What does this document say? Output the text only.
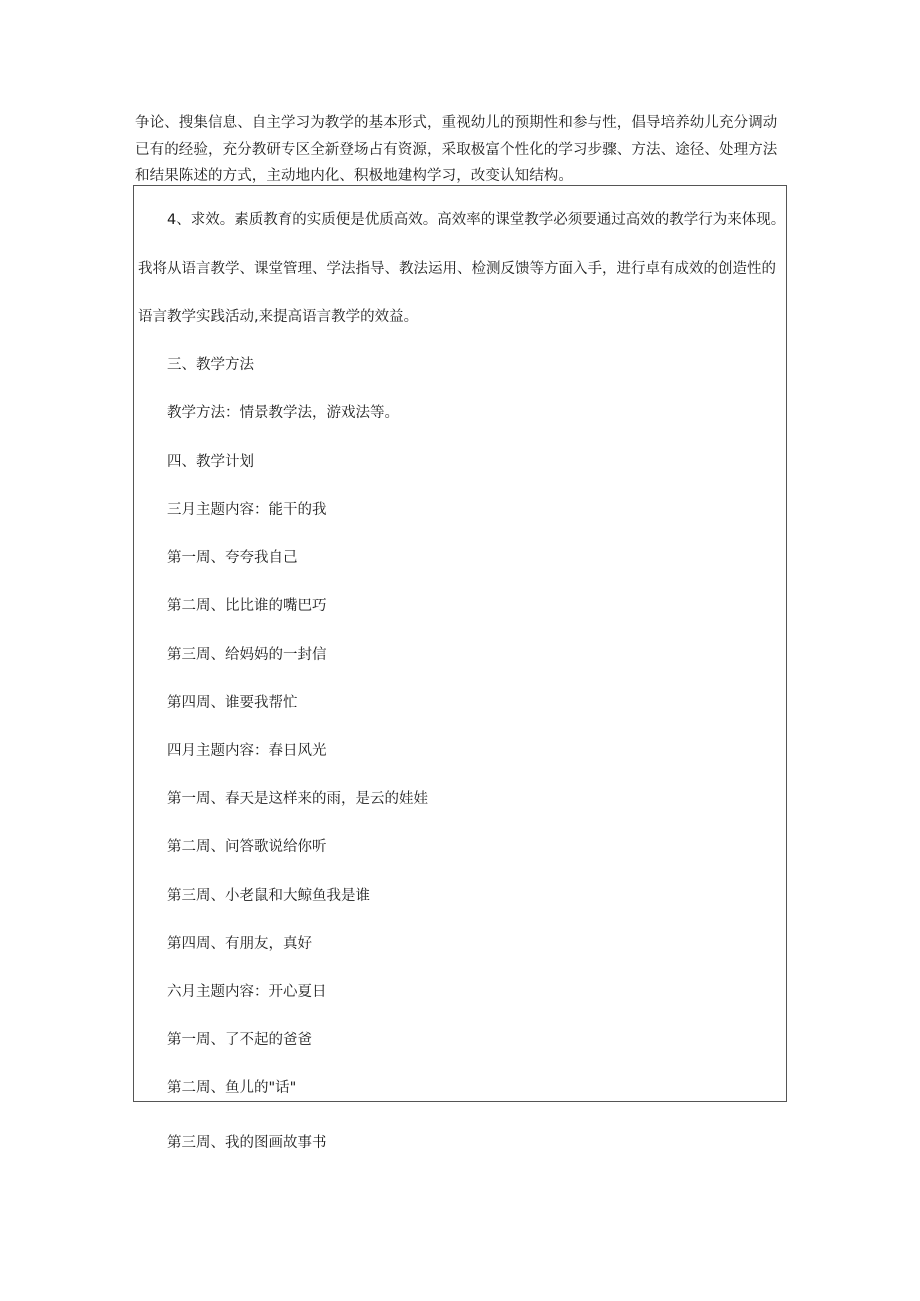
争论、搜集信息、自主学习为教学的基本形式，重视幼儿的预期性和参与性，倡导培养幼儿充分调动

已有的经验，充分教研专区全新登场占有资源，采取极富个性化的学习步骤、方法、途径、处理方法

和结果陈述的方式，主动地内化、积极地建构学习，改变认知结构。

4、求效。素质教育的实质便是优质高效。高效率的课堂教学必须要通过高效的教学行为来体现。

我将从语言教学、课堂管理、学法指导、教法运用、检测反馈等方面入手，进行卓有成效的创造性的

语言教学实践活动,来提高语言教学的效益。

三、教学方法

教学方法：情景教学法，游戏法等。

四、教学计划

三月主题内容：能干的我

第一周、夸夸我自己

第二周、比比谁的嘴巴巧

第三周、给妈妈的一封信

第四周、谁要我帮忙

四月主题内容：春日风光

第一周、春天是这样来的雨，是云的娃娃

第二周、问答歌说给你听

第三周、小老鼠和大鲸鱼我是谁

第四周、有朋友，真好

六月主题内容：开心夏日

第一周、了不起的爸爸

第二周、鱼儿的"话"

第三周、我的图画故事书
